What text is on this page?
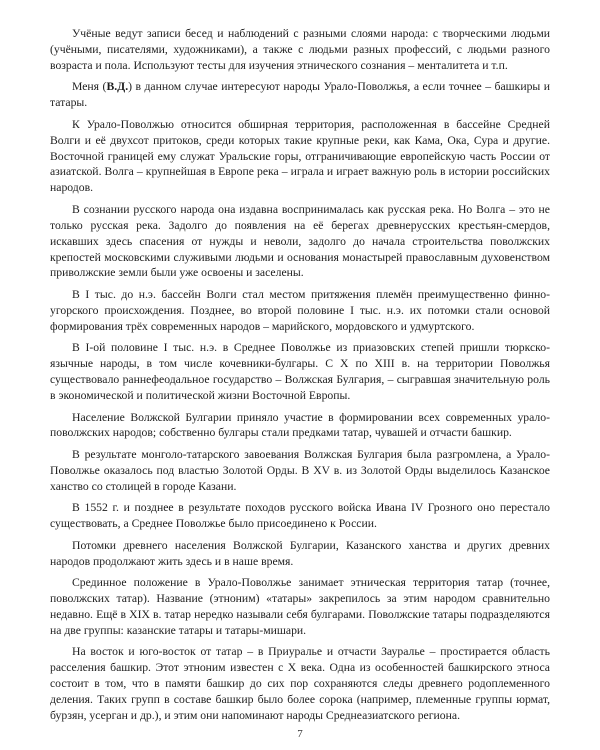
Учёные ведут записи бесед и наблюдений с разными слоями народа: с творческими людьми (учёными, писателями, художниками), а также с людьми разных профессий, с людьми разного возраста и пола. Используют тесты для изучения этнического сознания – менталитета и т.п.

Меня (В.Д.) в данном случае интересуют народы Урало-Поволжья, а если точнее – башкиры и татары.

К Урало-Поволжью относится обширная территория, расположенная в бассейне Средней Волги и её двухсот притоков, среди которых такие крупные реки, как Кама, Ока, Сура и другие. Восточной границей ему служат Уральские горы, отграничивающие европейскую часть России от азиатской. Волга – крупнейшая в Европе река – играла и играет важную роль в истории российских народов.

В сознании русского народа она издавна воспринималась как русская река. Но Волга – это не только русская река. Задолго до появления на её берегах древнерусских крестьян-смердов, искавших здесь спасения от нужды и неволи, задолго до начала строительства поволжских крепостей московскими служивыми людьми и основания монастырей православным духовенством приволжские земли были уже освоены и заселены.

В I тыс. до н.э. бассейн Волги стал местом притяжения племён преимущественно финно-угорского происхождения. Позднее, во второй половине I тыс. н.э. их потомки стали основой формирования трёх современных народов – марийского, мордовского и удмуртского.

В I-ой половине I тыс. н.э. в Среднее Поволжье из приазовских степей пришли тюркско-язычные народы, в том числе кочевники-булгары. С X по XIII в. на территории Поволжья существовало раннефеодальное государство – Волжская Булгария, – сыгравшая значительную роль в экономической и политической жизни Восточной Европы.

Население Волжской Булгарии приняло участие в формировании всех современных урало-поволжских народов; собственно булгары стали предками татар, чувашей и отчасти башкир.

В результате монголо-татарского завоевания Волжская Булгария была разгромлена, а Урало-Поволжье оказалось под властью Золотой Орды. В XV в. из Золотой Орды выделилось Казанское ханство со столицей в городе Казани.

В 1552 г. и позднее в результате походов русского войска Ивана IV Грозного оно перестало существовать, а Среднее Поволжье было присоединено к России.

Потомки древнего населения Волжской Булгарии, Казанского ханства и других древних народов продолжают жить здесь и в наше время.

Срединное положение в Урало-Поволжье занимает этническая территория татар (точнее, поволжских татар). Название (этноним) «татары» закрепилось за этим народом сравнительно недавно. Ещё в XIX в. татар нередко называли себя булгарами. Поволжские татары подразделяются на две группы: казанские татары и татары-мишари.

На восток и юго-восток от татар – в Приуралье и отчасти Зауралье – простирается область расселения башкир. Этот этноним известен с X века. Одна из особенностей башкирского этноса состоит в том, что в памяти башкир до сих пор сохраняются следы древнего родоплеменного деления. Таких групп в составе башкир было более сорока (например, племенные группы юрмат, бурзян, усерган и др.), и этим они напоминают народы Среднеазиатского региона.

7
